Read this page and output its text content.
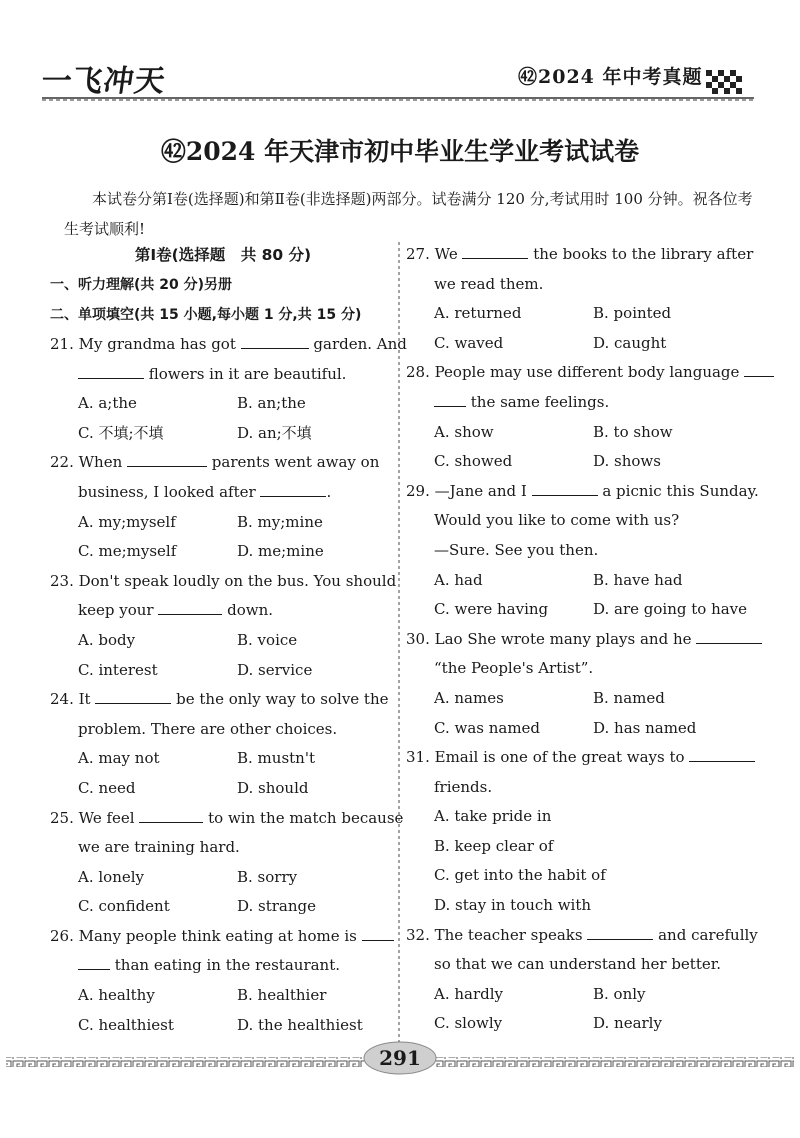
一飞冲天	㊷2024 年中考真题
㊷2024 年天津市初中毕业生学业考试试卷
本试卷分第Ⅰ卷(选择题)和第Ⅱ卷(非选择题)两部分。试卷满分 120 分,考试用时 100 分钟。祝各位考生考试顺利!
第Ⅰ卷(选择题　共 80 分)
一、听力理解(共 20 分)另册
二、单项填空(共 15 小题,每小题 1 分,共 15 分)
21. My grandma has got	garden. And
flowers in it are beautiful.
A. a;the	B. an;the
C. 不填;不填	D. an;不填
22. When	parents went away on
business, I looked after	.
A. my;myself	B. my;mine
C. me;myself	D. me;mine
23. Don't speak loudly on the bus. You should
keep your	down.
A. body	B. voice
C. interest	D. service
24. It	be the only way to solve the
problem. There are other choices.
A. may not	B. mustn't
C. need	D. should
25. We feel	to win the match because
we are training hard.
A. lonely	B. sorry
C. confident	D. strange
26. Many people think eating at home is
than eating in the restaurant.
A. healthy	B. healthier
C. healthiest	D. the healthiest
27. We	the books to the library after
we read them.
A. returned	B. pointed
C. waved	D. caught
28. People may use different body language
the same feelings.
A. show	B. to show
C. showed	D. shows
29. —Jane and I	a picnic this Sunday.
Would you like to come with us?
—Sure. See you then.
A. had	B. have had
C. were having	D. are going to have
30. Lao She wrote many plays and he
“the People's Artist”.
A. names	B. named
C. was named	D. has named
31. Email is one of the great ways to
friends.
A. take pride in
B. keep clear of
C. get into the habit of
D. stay in touch with
32. The teacher speaks	and carefully
so that we can understand her better.
A. hardly	B. only
C. slowly	D. nearly
291
